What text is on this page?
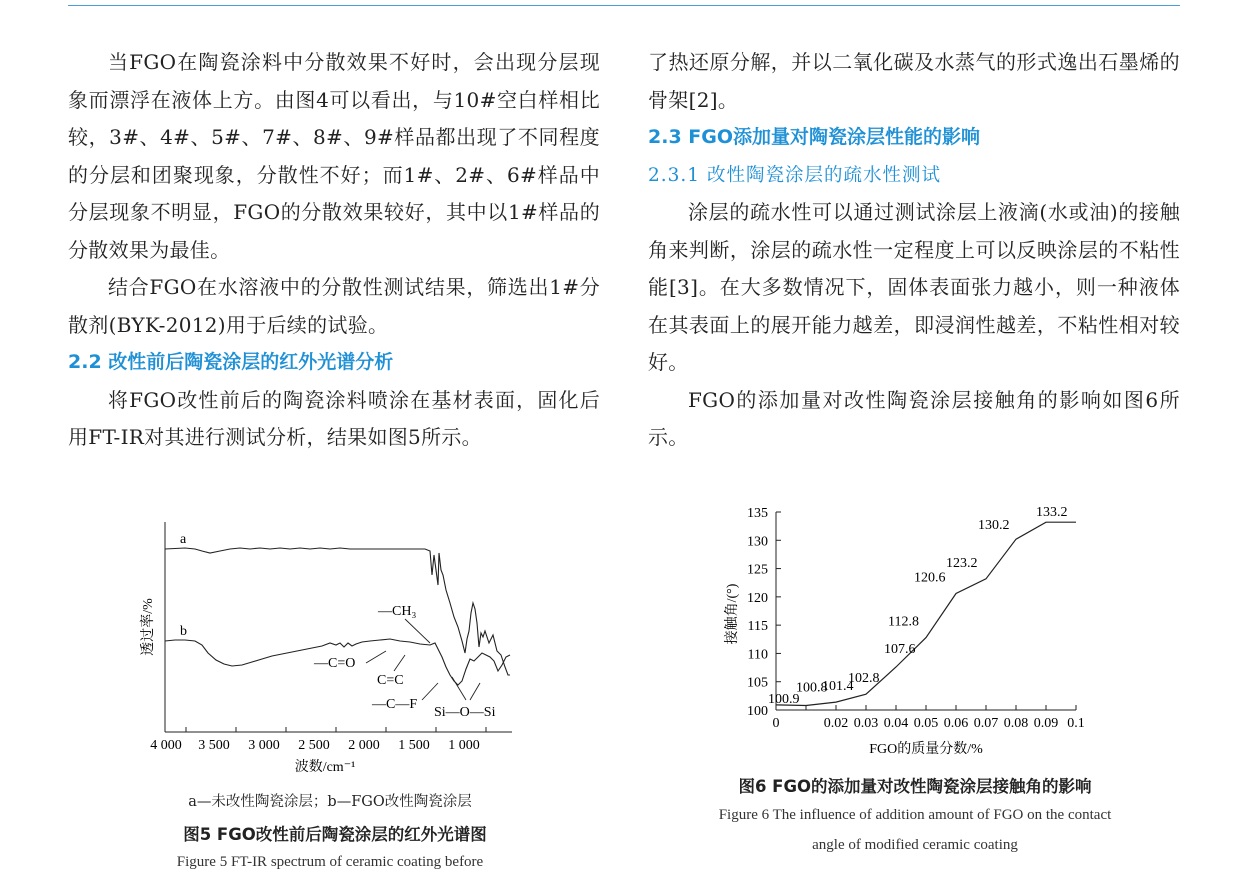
当FGO在陶瓷涂料中分散效果不好时，会出现分层现象而漂浮在液体上方。由图4可以看出，与10#空白样相比较，3#、4#、5#、7#、8#、9#样品都出现了不同程度的分层和团聚现象，分散性不好；而1#、2#、6#样品中分层现象不明显，FGO的分散效果较好，其中以1#样品的分散效果为最佳。

结合FGO在水溶液中的分散性测试结果，筛选出1#分散剂(BYK-2012)用于后续的试验。

2.2 改性前后陶瓷涂层的红外光谱分析

将FGO改性前后的陶瓷涂料喷涂在基材表面，固化后用FT-IR对其进行测试分析，结果如图5所示。

了热还原分解，并以二氧化碳及水蒸气的形式逸出石墨烯的骨架[2]。

2.3 FGO添加量对陶瓷涂层性能的影响
2.3.1 改性陶瓷涂层的疏水性测试

涂层的疏水性可以通过测试涂层上液滴(水或油)的接触角来判断，涂层的疏水性一定程度上可以反映涂层的不粘性能[3]。在大多数情况下，固体表面张力越小，则一种液体在其表面上的展开能力越差，即浸润性越差，不粘性相对较好。

FGO的添加量对改性陶瓷涂层接触角的影响如图6所示。

4 000 3 500 3 000 2 500 2 000 1 500 1 000
波数/cm⁻¹
透过率/%
a
b
—CH₃
—C=O
C=C
—C—F
Si—O—Si
a—未改性陶瓷涂层；b—FGO改性陶瓷涂层
图5 FGO改性前后陶瓷涂层的红外光谱图
Figure 5 FT-IR spectrum of ceramic coating before
100
105
110
115
120
125
130
135
0	0.02 0.03 0.04 0.05 0.06 0.07 0.08 0.09 0.1
100.9
100.8
101.4
102.8
107.6
112.8
120.6
123.2
130.2
133.2
FGO的质量分数/%
接触角/(°)
图6 FGO的添加量对改性陶瓷涂层接触角的影响
Figure 6 The influence of addition amount of FGO on the contact
angle of modified ceramic coating
